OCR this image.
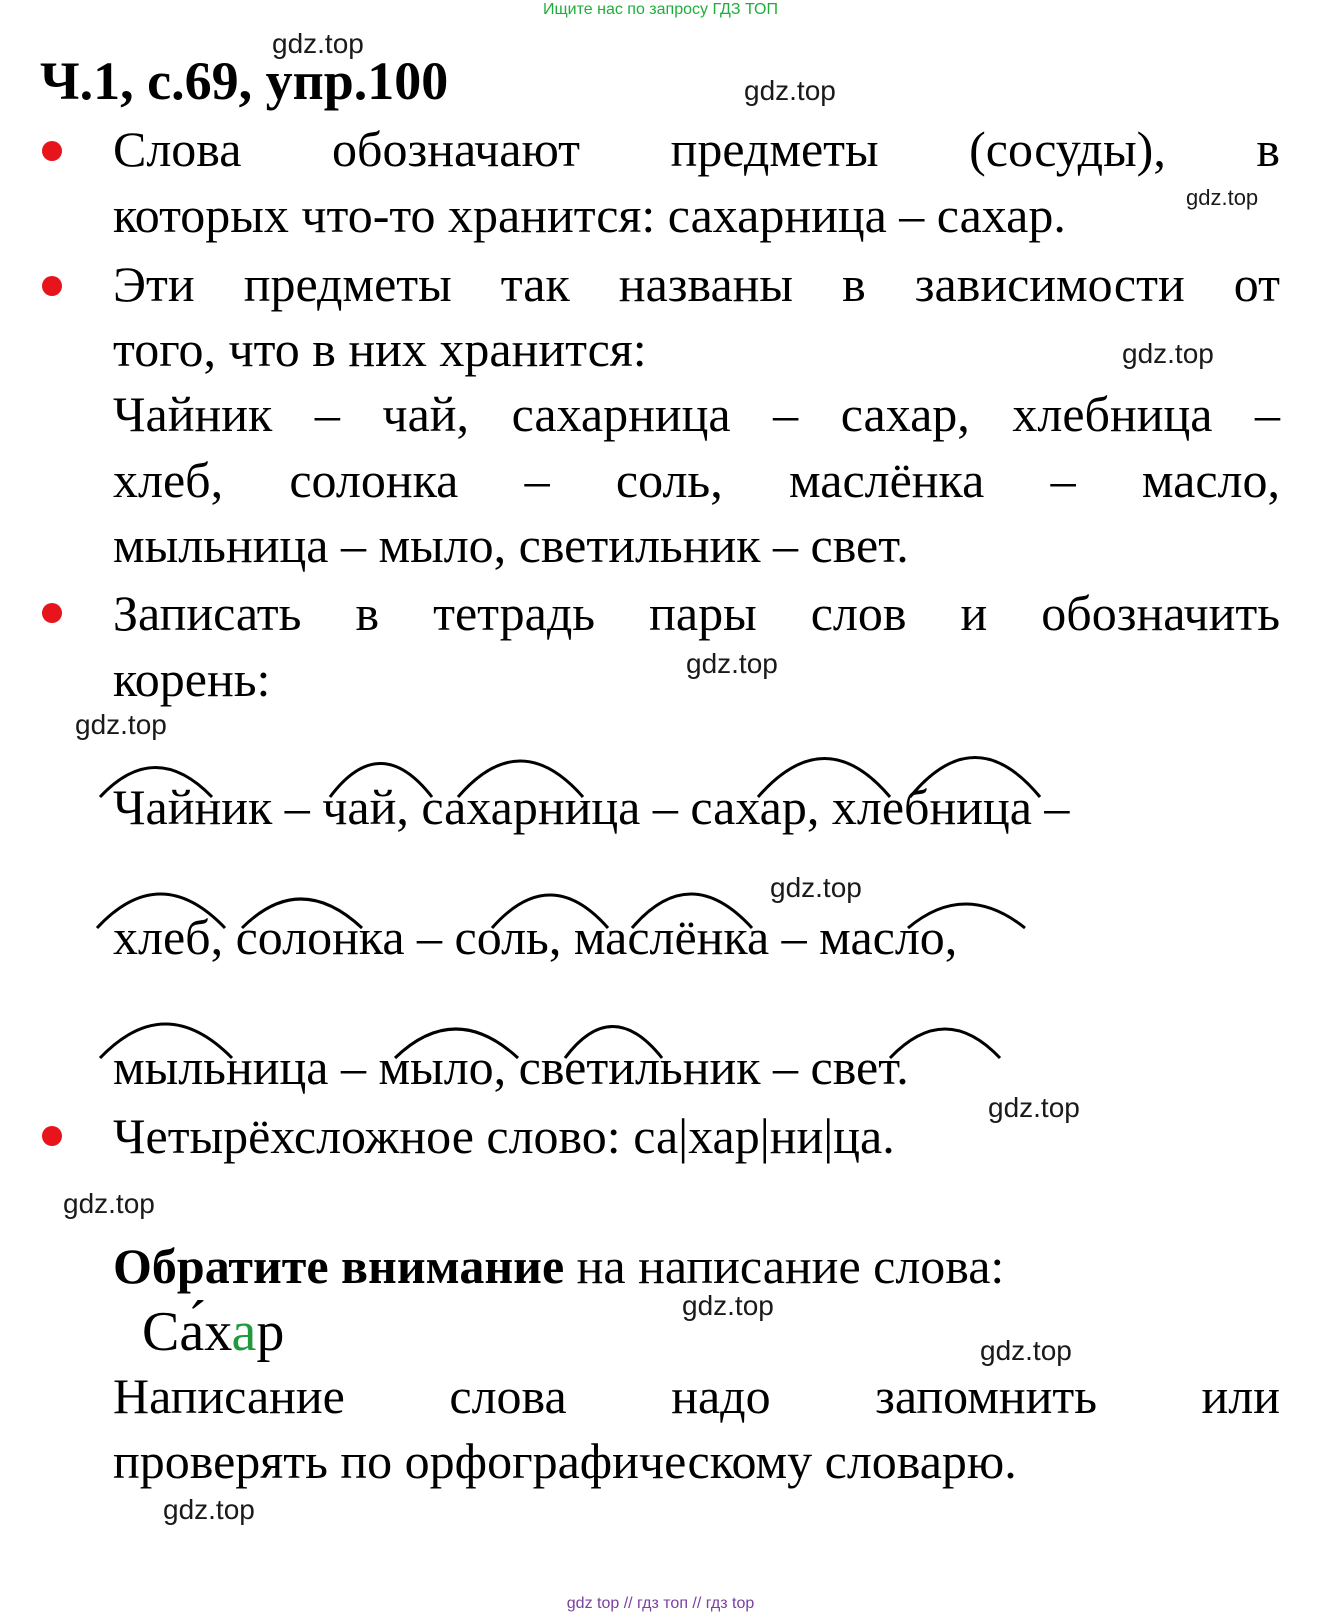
Ищите нас по запросу ГДЗ ТОП
Ч.1, с.69, упр.100
gdz.top
gdz.top
gdz.top
gdz.top
gdz.top
gdz.top
gdz.top
gdz.top
gdz.top
gdz.top
gdz.top
gdz.top
Слова обозначают предметы (сосуды), в
которых что-то хранится: сахарница – сахар.
Эти предметы так названы в зависимости от
того, что в них хранится:
Чайник – чай, сахарница – сахар, хлебница –
хлеб, солонка – соль, маслёнка – масло,
мыльница – мыло, светильник – свет.
Записать в тетрадь пары слов и обозначить
корень:
Чайник – чай, сахарница – сахар, хлебница –
хлеб, солонка – соль, маслёнка – масло,
мыльница – мыло, светильник – свет.
Четырёхсложное слово: са|хар|ни|ца.
Обратите внимание на написание слова:
Са́хар
Написание слова надо запомнить или
проверять по орфографическому словарю.
gdz top // гдз топ // гдз top
